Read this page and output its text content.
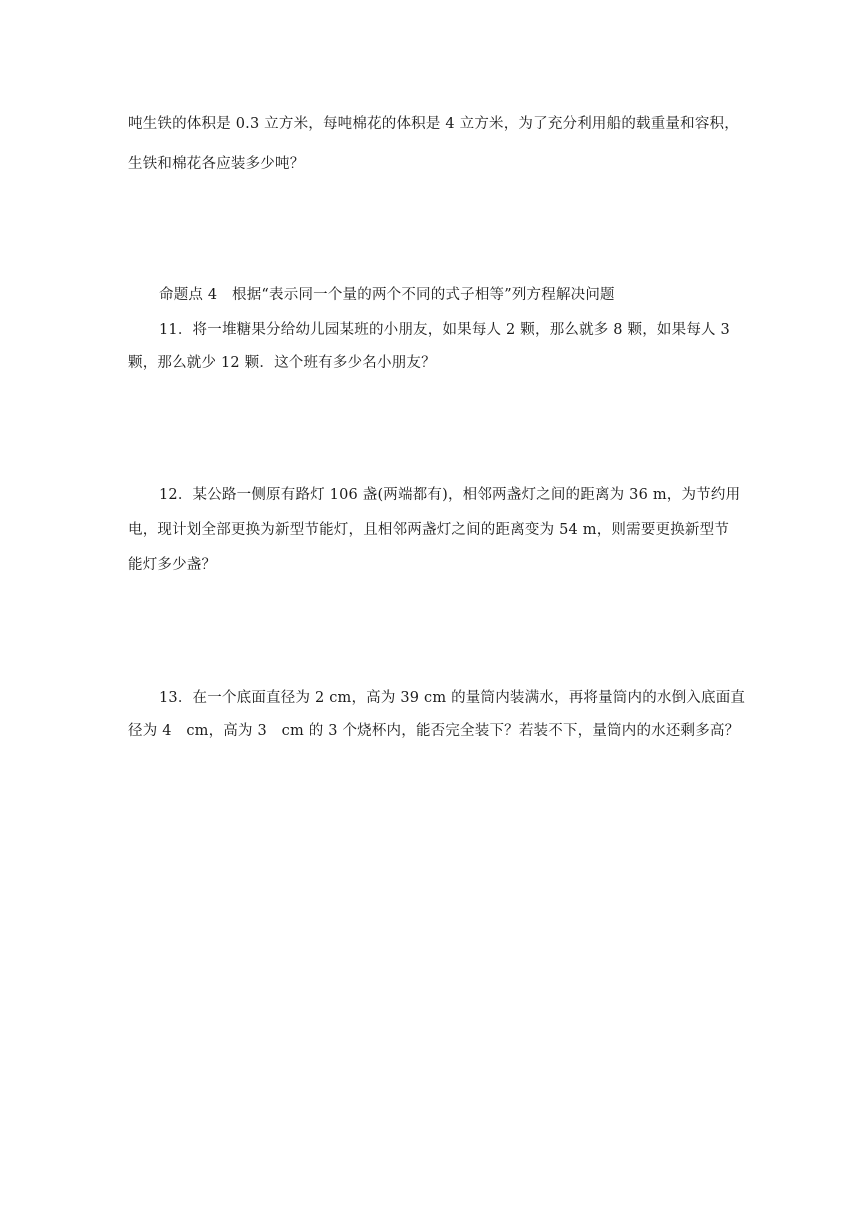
吨生铁的体积是 0.3 立方米，每吨棉花的体积是 4 立方米，为了充分利用船的载重量和容积，
生铁和棉花各应装多少吨？
命题点 4　根据“表示同一个量的两个不同的式子相等”列方程解决问题
11．将一堆糖果分给幼儿园某班的小朋友，如果每人 2 颗，那么就多 8 颗，如果每人 3
颗，那么就少 12 颗．这个班有多少名小朋友？
12．某公路一侧原有路灯 106 盏(两端都有)，相邻两盏灯之间的距离为 36 m，为节约用
电，现计划全部更换为新型节能灯，且相邻两盏灯之间的距离变为 54 m，则需要更换新型节
能灯多少盏？
13．在一个底面直径为 2 cm，高为 39 cm 的量筒内装满水，再将量筒内的水倒入底面直
径为 4　cm，高为 3　cm 的 3 个烧杯内，能否完全装下？若装不下，量筒内的水还剩多高？
